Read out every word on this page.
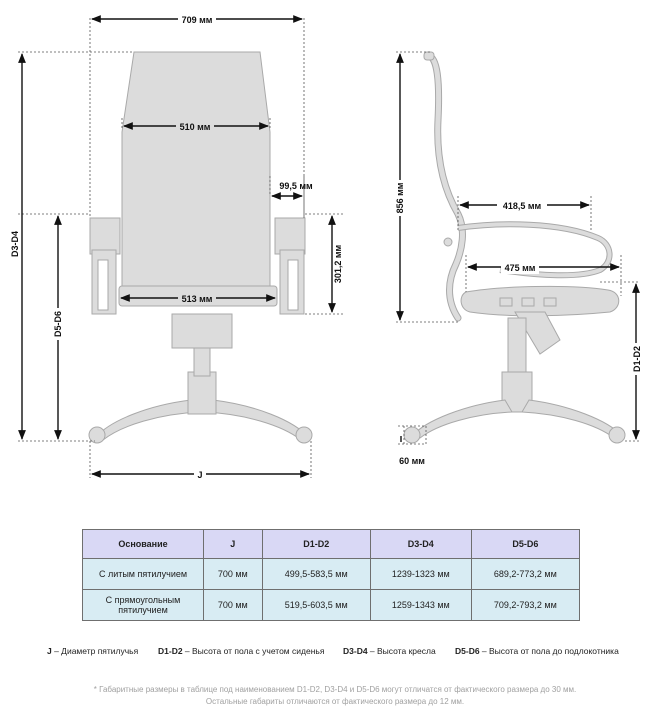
709 мм
510 мм
99,5 мм
513 мм
301,2 мм
D3-D4
D5-D6
J
856 мм	418,5 мм
475 мм
D1-D2
60 мм
Основание	J	D1-D2	D3-D4	D5-D6
С литым пятилучием	700 мм	499,5-583,5 мм	1239-1323 мм	689,2-773,2 мм
С прямоугольным пятилучием	700 мм	519,5-603,5 мм	1259-1343 мм	709,2-793,2 мм
J – Диаметр пятилучья D1-D2 – Высота от пола с учетом сиденья D3-D4 – Высота кресла D5-D6 – Высота от пола до подлокотника
* Габаритные размеры в таблице под наименованием D1-D2, D3-D4 и D5-D6 могут отличатся от фактического размера до 30 мм.
Остальные габариты отличаются от фактического размера до 12 мм.
